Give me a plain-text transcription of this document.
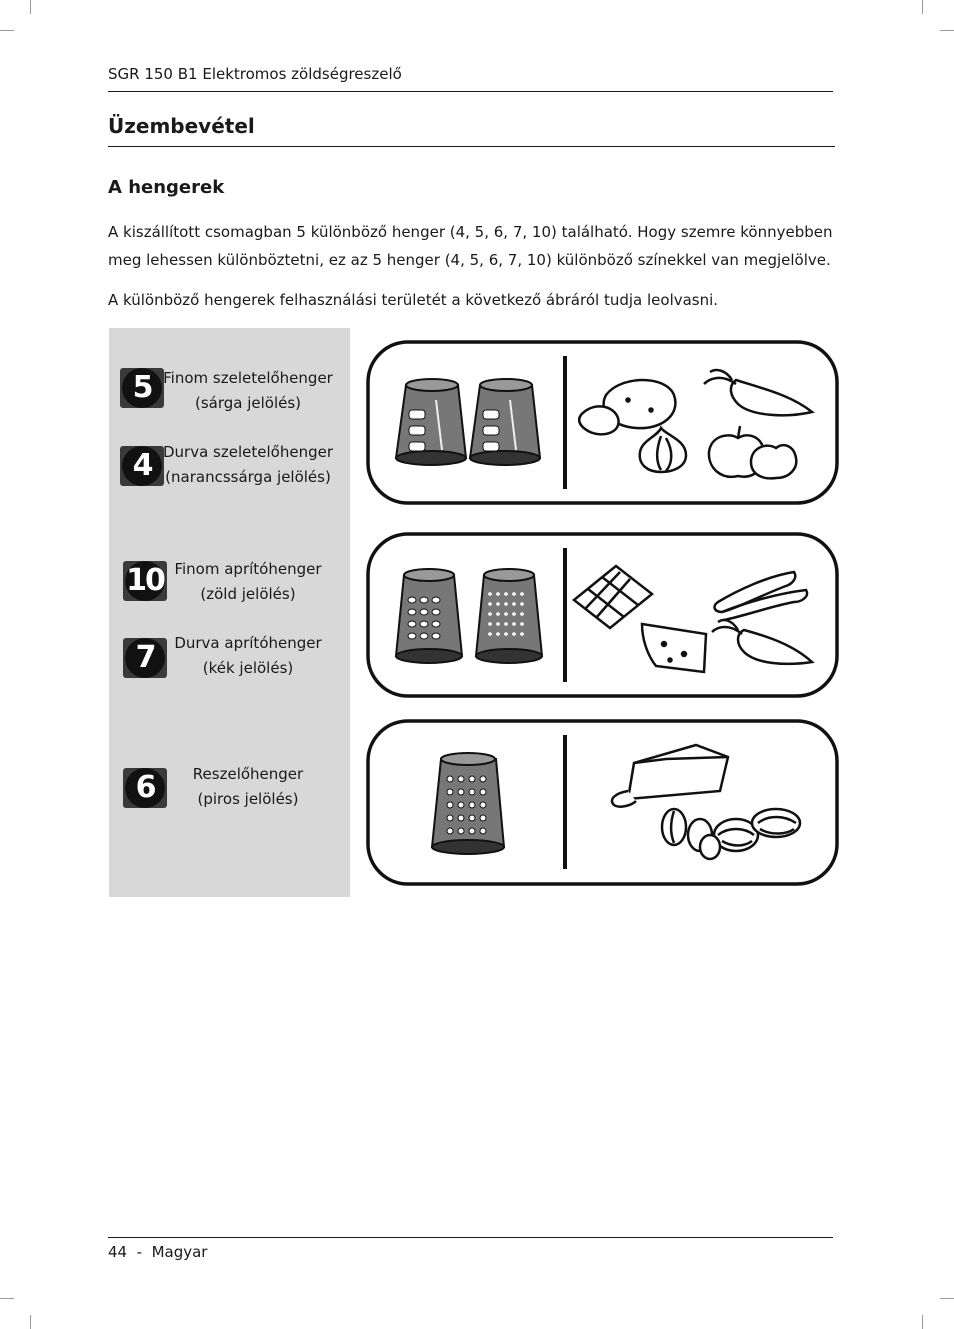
SGR 150 B1 Elektromos zöldségreszelő
Üzembevétel
A hengerek
A kiszállított csomagban 5 különböző henger (4, 5, 6, 7, 10) található. Hogy szemre könnyebben meg lehessen különböztetni, ez az 5 henger (4, 5, 6, 7, 10) különböző színekkel van megjelölve.
A különböző hengerek felhasználási területét a következő ábráról tudja leolvasni.
5 Finom szeletelőhenger
(sárga jelölés)
4 Durva szeletelőhenger
(narancssárga jelölés)
10 Finom aprítóhenger
(zöld jelölés)
7	Durva aprítóhenger
(kék jelölés)
6	Reszelőhenger
(piros jelölés)
44  -  Magyar
